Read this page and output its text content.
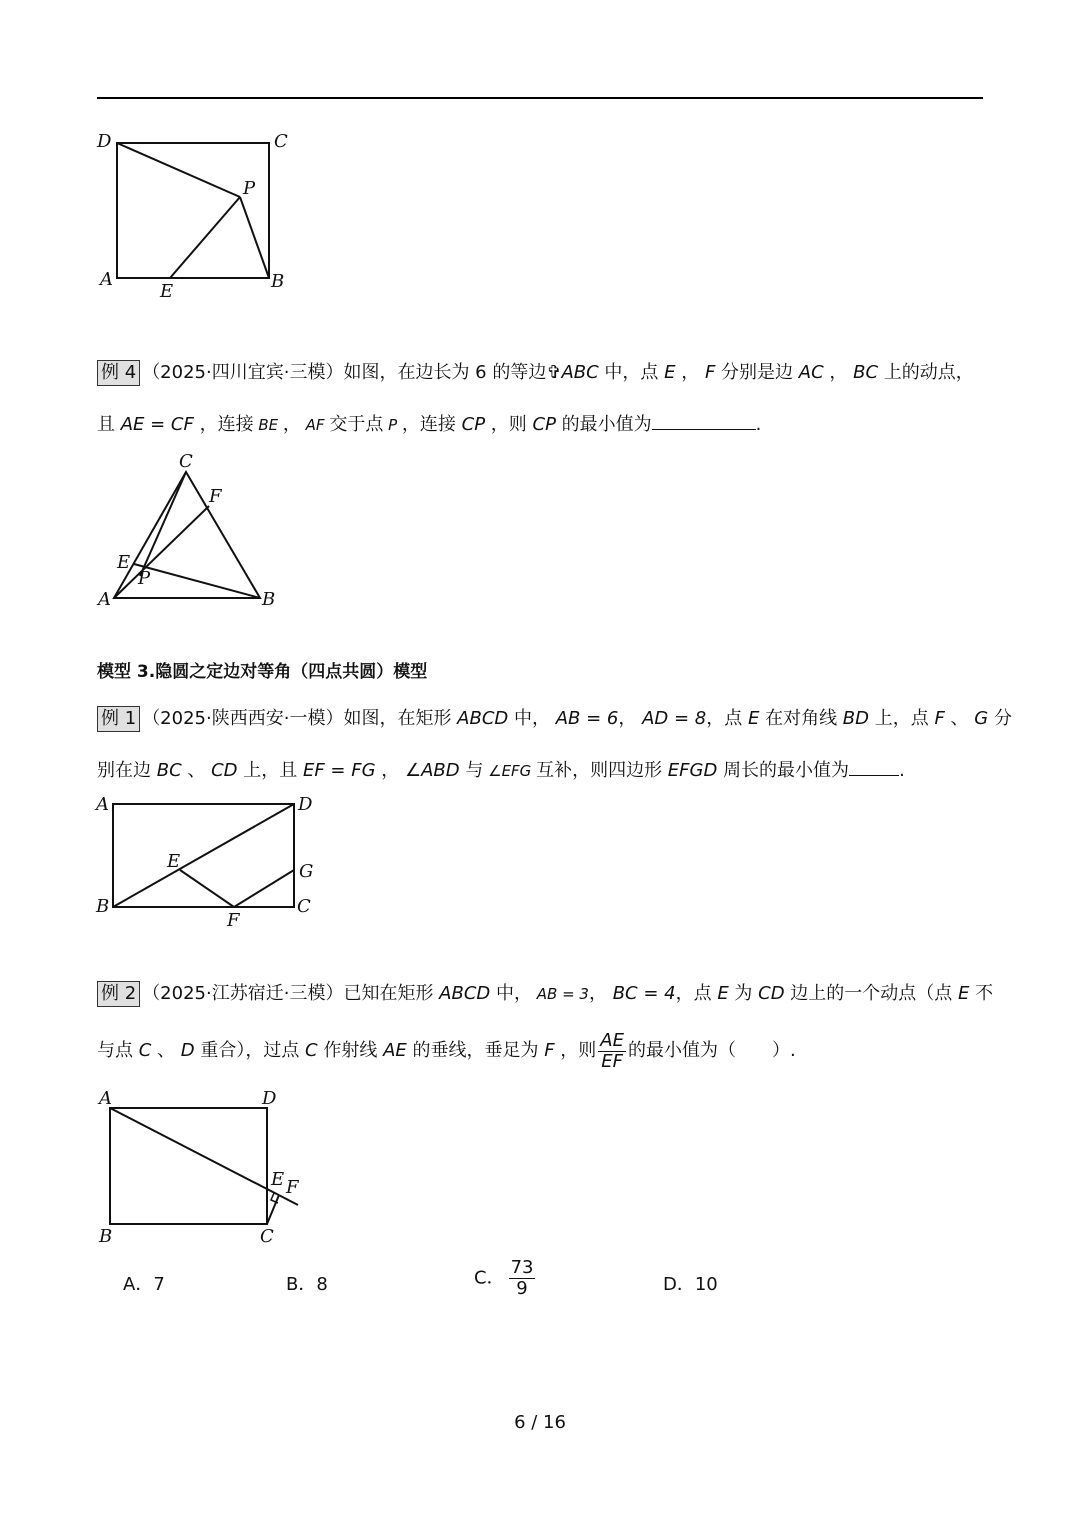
D	C
P
A
E	B
例 4 （2025·四川宜宾·三模）如图，在边长为 6 的等边✞ABC 中，点 E ， F 分别是边 AC ， BC 上的动点，
且 AE = CF ，连接 BE ， AF 交于点 P ，连接 CP ，则 CP 的最小值为	.
C
F
E
P
A	B
模型 3.隐圆之定边对等角（四点共圆）模型
例 1 （2025·陕西西安·一模）如图，在矩形 ABCD 中， AB = 6， AD = 8，点 E 在对角线 BD 上，点 F 、 G 分
别在边 BC 、 CD 上，且 EF = FG ， ∠ABD 与 ∠EFG 互补，则四边形 EFGD 周长的最小值为	.
A	D
E	G
B
F
C
例 2 （2025·江苏宿迁·三模）已知在矩形 ABCD 中， AB = 3， BC = 4，点 E 为 CD 边上的一个动点（点 E 不
与点 C 、 D 重合），过点 C 作射线 AE 的垂线，垂足为 F ，则 $\frac{AE}{EF}$ 的最小值为（　　）.
A	D
E F
B	C
A．7	B．8	C． $\frac{73}{9}$	D．10
6 / 16
